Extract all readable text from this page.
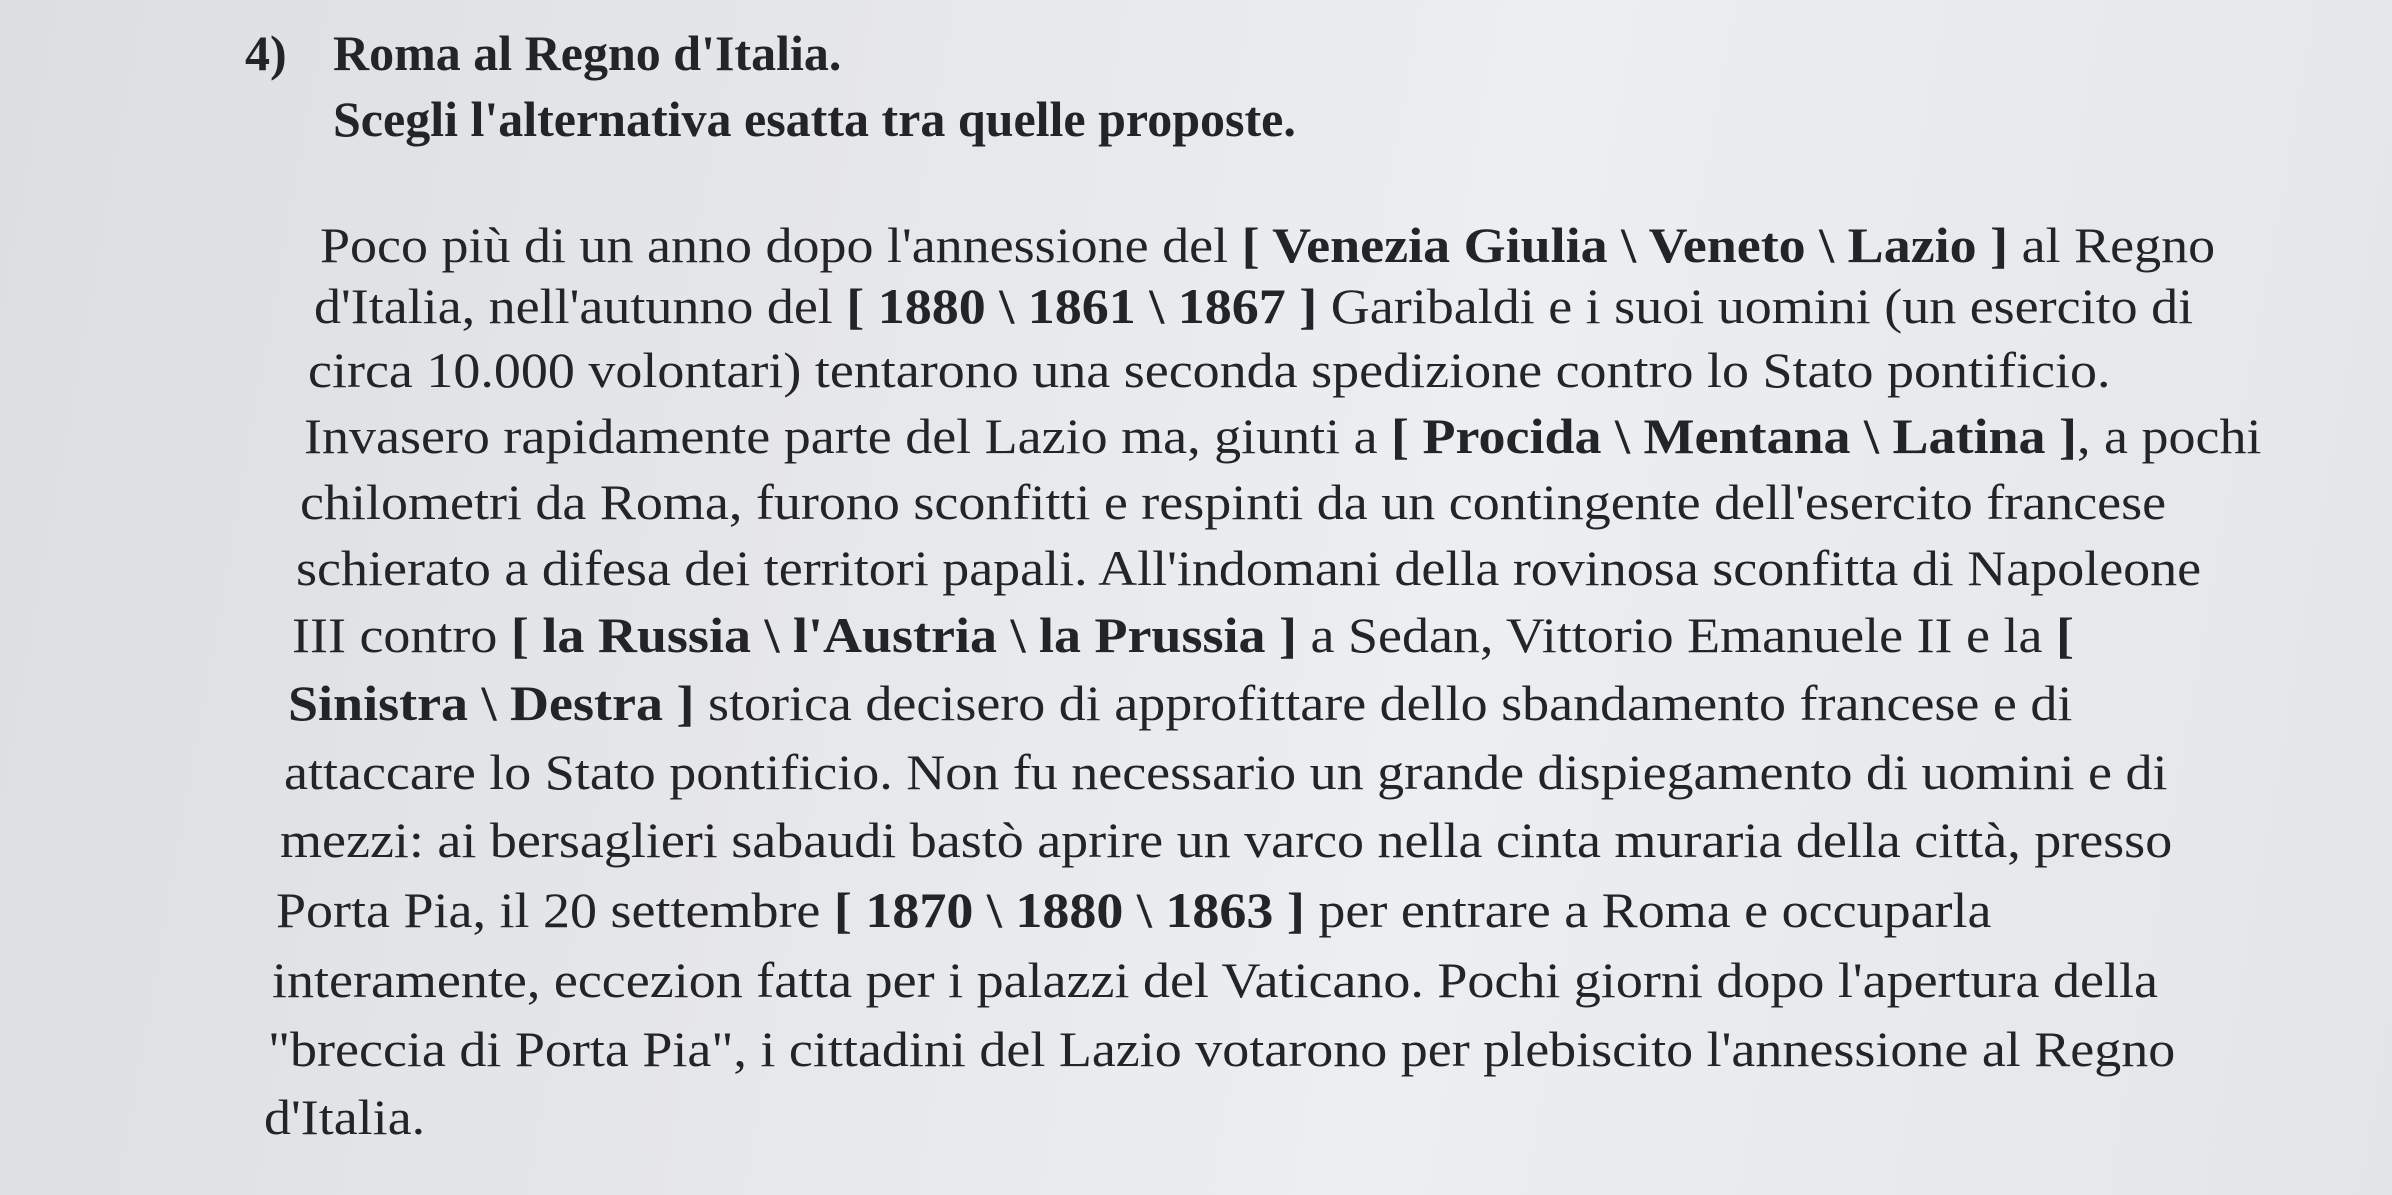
4) Roma al Regno d'Italia.
Scegli l'alternativa esatta tra quelle proposte.
Poco più di un anno dopo l'annessione del [ Venezia Giulia \ Veneto \ Lazio ] al Regno
d'Italia, nell'autunno del [ 1880 \ 1861 \ 1867 ] Garibaldi e i suoi uomini (un esercito di
circa 10.000 volontari) tentarono una seconda spedizione contro lo Stato pontificio.
Invasero rapidamente parte del Lazio ma, giunti a [ Procida \ Mentana \ Latina ], a pochi
chilometri da Roma, furono sconfitti e respinti da un contingente dell'esercito francese
schierato a difesa dei territori papali. All'indomani della rovinosa sconfitta di Napoleone
III contro [ la Russia \ l'Austria \ la Prussia ] a Sedan, Vittorio Emanuele II e la [
Sinistra \ Destra ] storica decisero di approfittare dello sbandamento francese e di
attaccare lo Stato pontificio. Non fu necessario un grande dispiegamento di uomini e di
mezzi: ai bersaglieri sabaudi bastò aprire un varco nella cinta muraria della città, presso
Porta Pia, il 20 settembre [ 1870 \ 1880 \ 1863 ] per entrare a Roma e occuparla
interamente, eccezion fatta per i palazzi del Vaticano. Pochi giorni dopo l'apertura della
"breccia di Porta Pia", i cittadini del Lazio votarono per plebiscito l'annessione al Regno
d'Italia.
